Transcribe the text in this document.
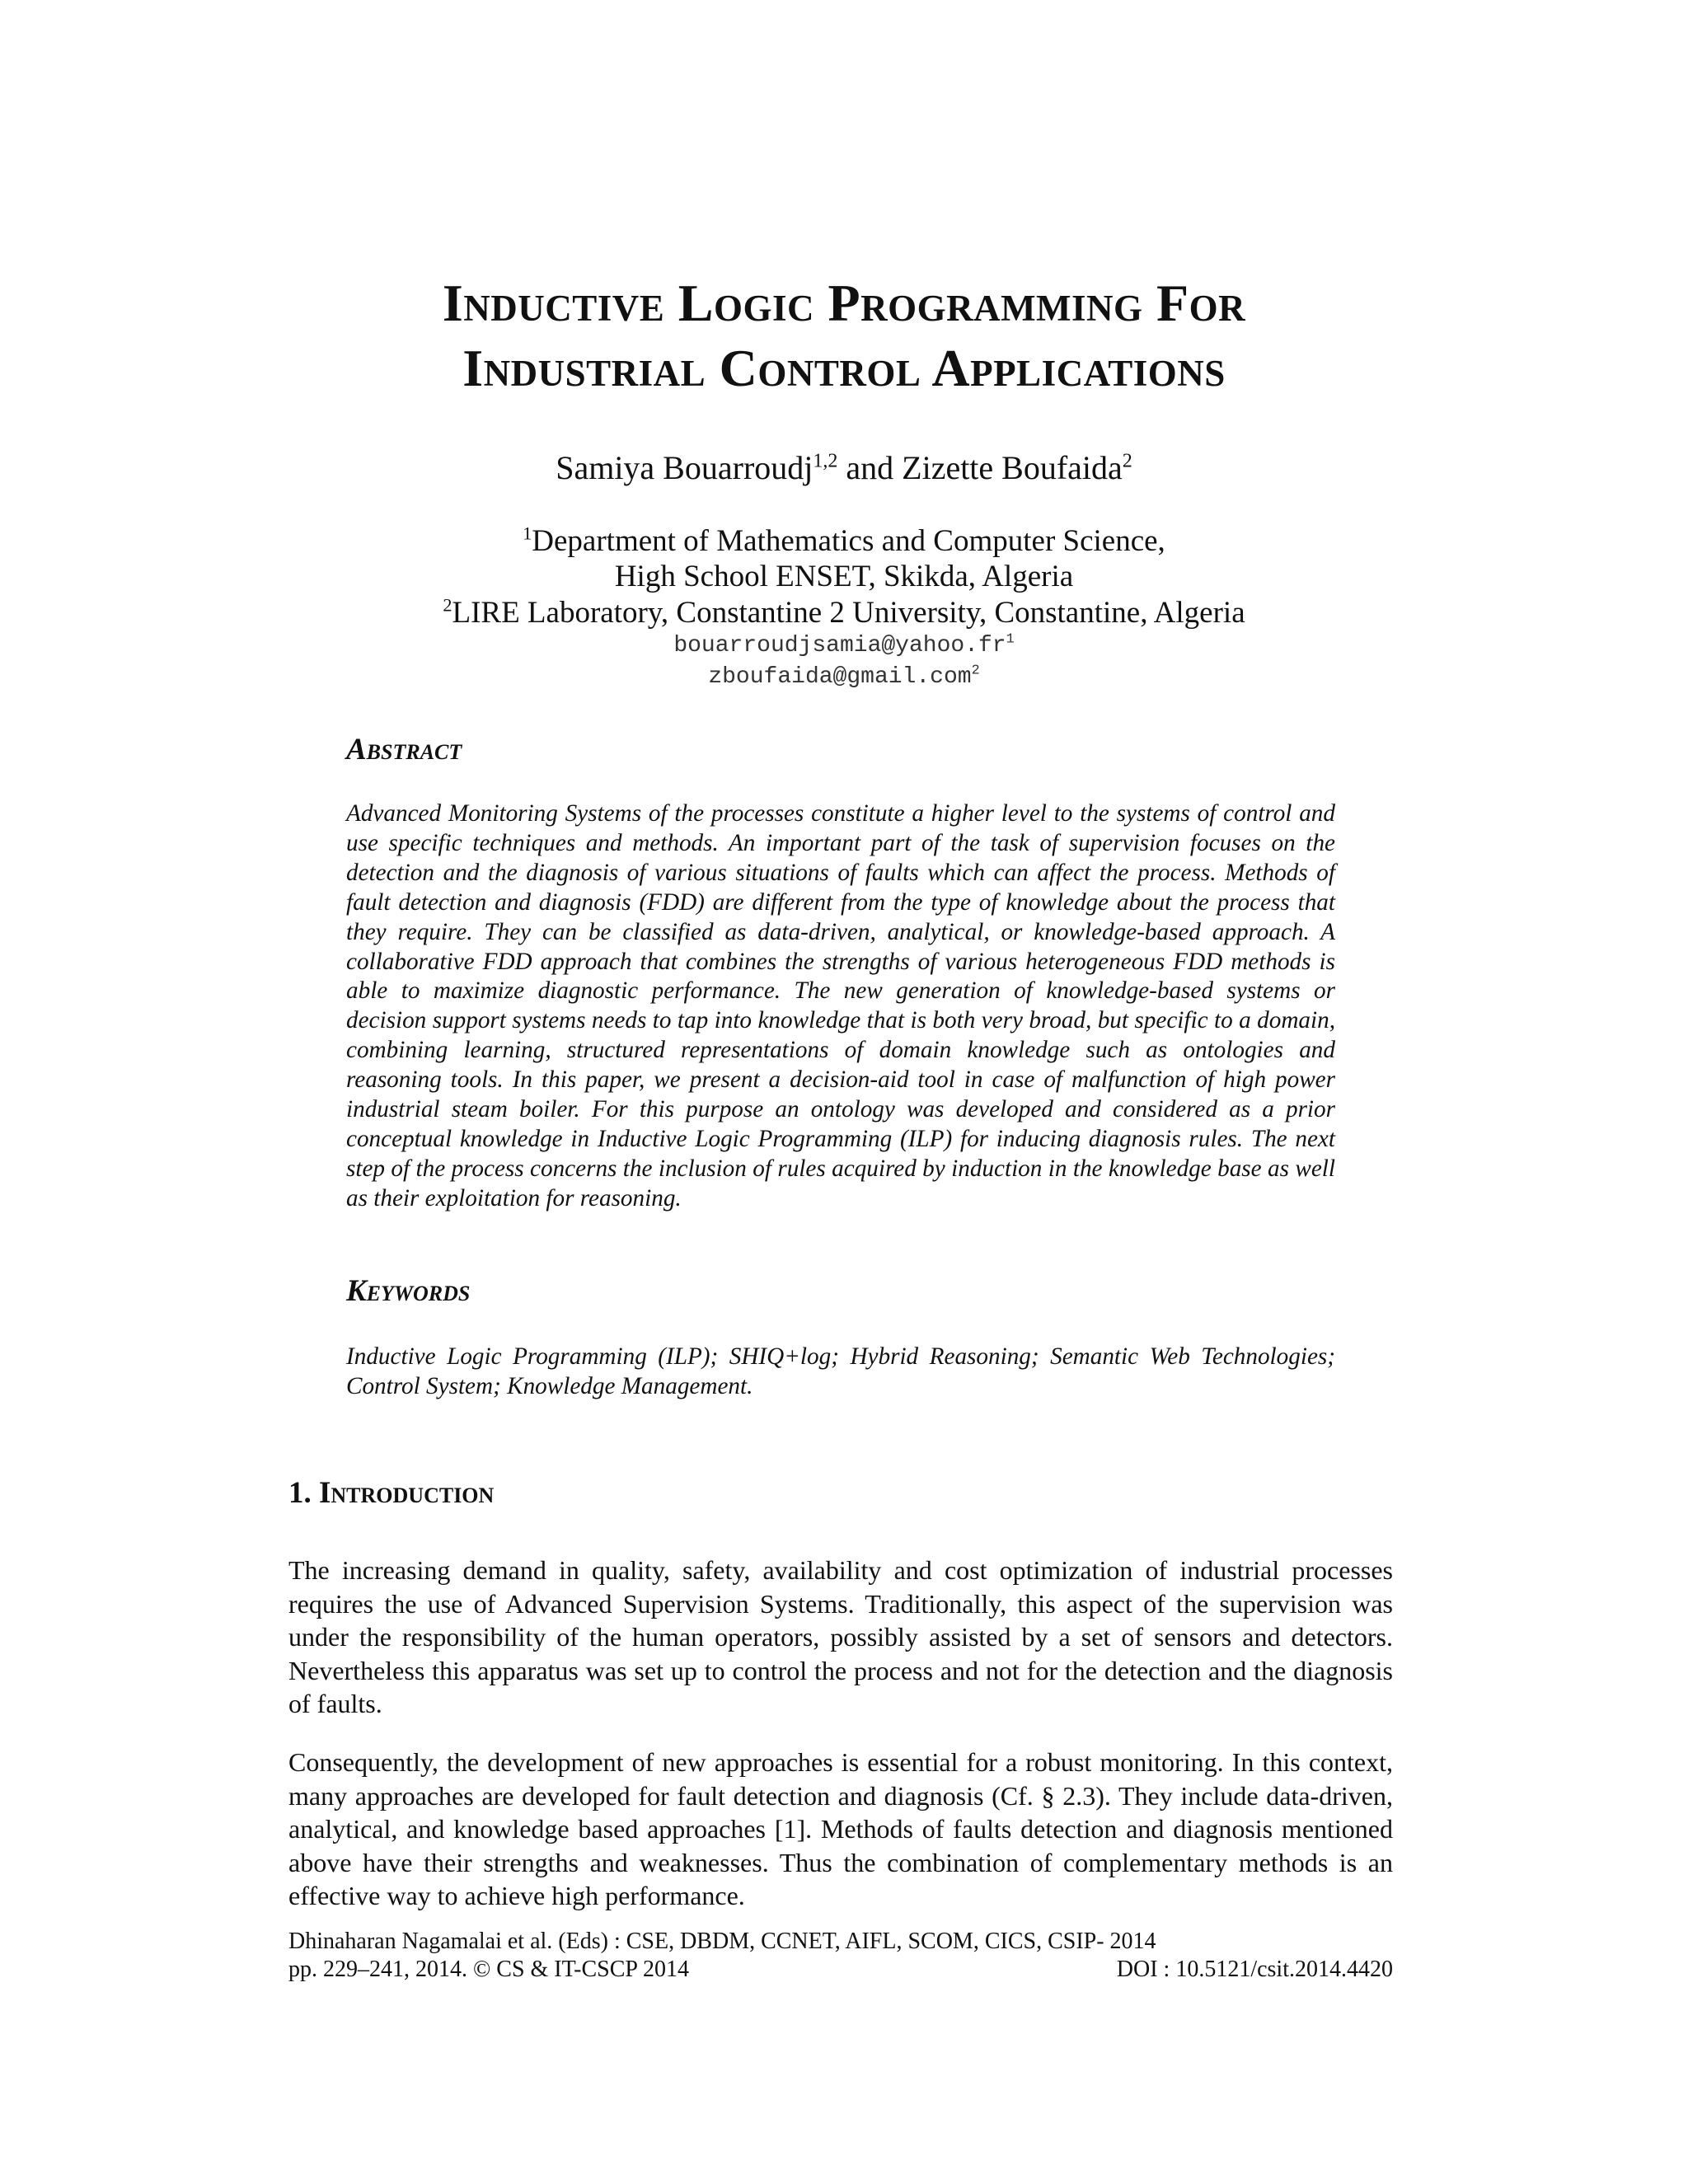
Inductive Logic Programming For
Industrial Control Applications
Samiya Bouarroudj$^{1,2}$ and Zizette Boufaida$^2$
$^1$Department of Mathematics and Computer Science,
High School ENSET, Skikda, Algeria
$^2$LIRE Laboratory, Constantine 2 University, Constantine, Algeria
$bouarroudjsamia@yahoo.fr^1$
zboufaida@gmail.com$^2$
Abstract

Advanced Monitoring Systems of the processes constitute a higher level to the systems of control and use specific techniques and methods. An important part of the task of supervision focuses on the detection and the diagnosis of various situations of faults which can affect the process. Methods of fault detection and diagnosis (FDD) are different from the type of knowledge about the process that they require. They can be classified as data-driven, analytical, or knowledge-based approach. A collaborative FDD approach that combines the strengths of various heterogeneous FDD methods is able to maximize diagnostic performance. The new generation of knowledge-based systems or decision support systems needs to tap into knowledge that is both very broad, but specific to a domain, combining learning, structured representations of domain knowledge such as ontologies and reasoning tools. In this paper, we present a decision-aid tool in case of malfunction of high power industrial steam boiler. For this purpose an ontology was developed and considered as a prior conceptual knowledge in Inductive Logic Programming (ILP) for inducing diagnosis rules. The next step of the process concerns the inclusion of rules acquired by induction in the knowledge base as well as their exploitation for reasoning.

Keywords

Inductive Logic Programming (ILP); SHIQ+log; Hybrid Reasoning; Semantic Web Technologies; Control System; Knowledge Management.

1. Introduction

The increasing demand in quality, safety, availability and cost optimization of industrial processes requires the use of Advanced Supervision Systems. Traditionally, this aspect of the supervision was under the responsibility of the human operators, possibly assisted by a set of sensors and detectors. Nevertheless this apparatus was set up to control the process and not for the detection and the diagnosis of faults.

Consequently, the development of new approaches is essential for a robust monitoring. In this context, many approaches are developed for fault detection and diagnosis (Cf. § 2.3). They include data-driven, analytical, and knowledge based approaches [1]. Methods of faults detection and diagnosis mentioned above have their strengths and weaknesses. Thus the combination of complementary methods is an effective way to achieve high performance.

Dhinaharan Nagamalai et al. (Eds) : CSE, DBDM, CCNET, AIFL, SCOM, CICS, CSIP- 2014
pp. 229–241, 2014. © CS & IT-CSCP 2014	DOI : 10.5121/csit.2014.4420
